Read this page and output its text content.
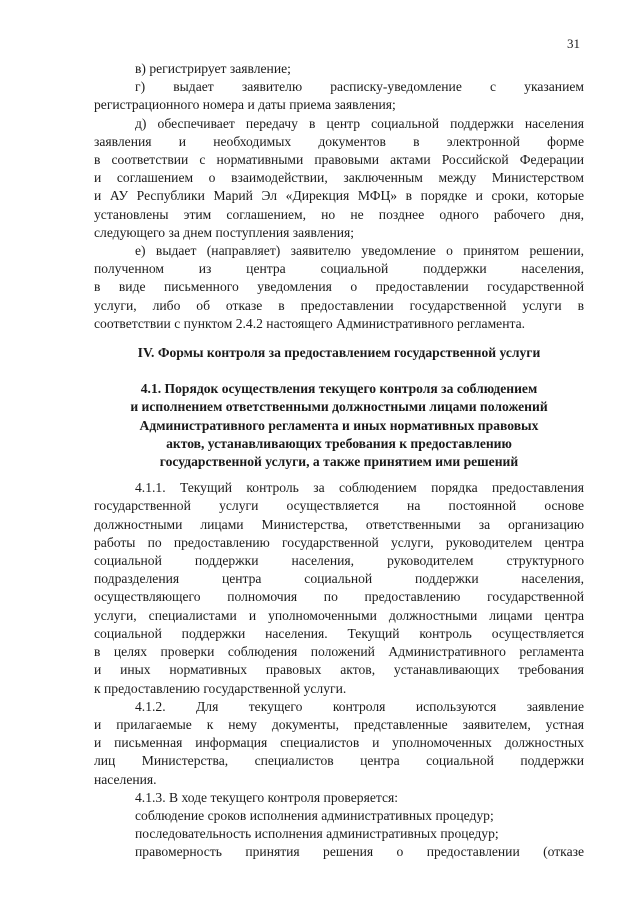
31

в) регистрирует заявление;

г) выдает заявителю расписку-уведомление с указанием

регистрационного номера и даты приема заявления;

д) обеспечивает передачу в центр социальной поддержки населения

заявления и необходимых документов в электронной форме

в соответствии с нормативными правовыми актами Российской Федерации

и соглашением о взаимодействии, заключенным между Министерством

и АУ Республики Марий Эл «Дирекция МФЦ» в порядке и сроки, которые

установлены этим соглашением, но не позднее одного рабочего дня,

следующего за днем поступления заявления;

е) выдает (направляет) заявителю уведомление о принятом решении,

полученном из центра социальной поддержки населения,

в виде письменного уведомления о предоставлении государственной

услуги, либо об отказе в предоставлении государственной услуги в

соответствии с пунктом 2.4.2 настоящего Административного регламента.

IV. Формы контроля за предоставлением государственной услуги

4.1. Порядок осуществления текущего контроля за соблюдением
и исполнением ответственными должностными лицами положений
Административного регламента и иных нормативных правовых
актов, устанавливающих требования к предоставлению
государственной услуги, а также принятием ими решений

4.1.1. Текущий контроль за соблюдением порядка предоставления

государственной услуги осуществляется на постоянной основе

должностными лицами Министерства, ответственными за организацию

работы по предоставлению государственной услуги, руководителем центра

социальной поддержки населения, руководителем структурного

подразделения центра социальной поддержки населения,

осуществляющего полномочия по предоставлению государственной

услуги, специалистами и уполномоченными должностными лицами центра

социальной поддержки населения. Текущий контроль осуществляется

в целях проверки соблюдения положений Административного регламента

и иных нормативных правовых актов, устанавливающих требования

к предоставлению государственной услуги.

4.1.2. Для текущего контроля используются заявление

и прилагаемые к нему документы, представленные заявителем, устная

и письменная информация специалистов и уполномоченных должностных

лиц Министерства, специалистов центра социальной поддержки

населения.

4.1.3. В ходе текущего контроля проверяется:

соблюдение сроков исполнения административных процедур;

последовательность исполнения административных процедур;

правомерность принятия решения о предоставлении (отказе
